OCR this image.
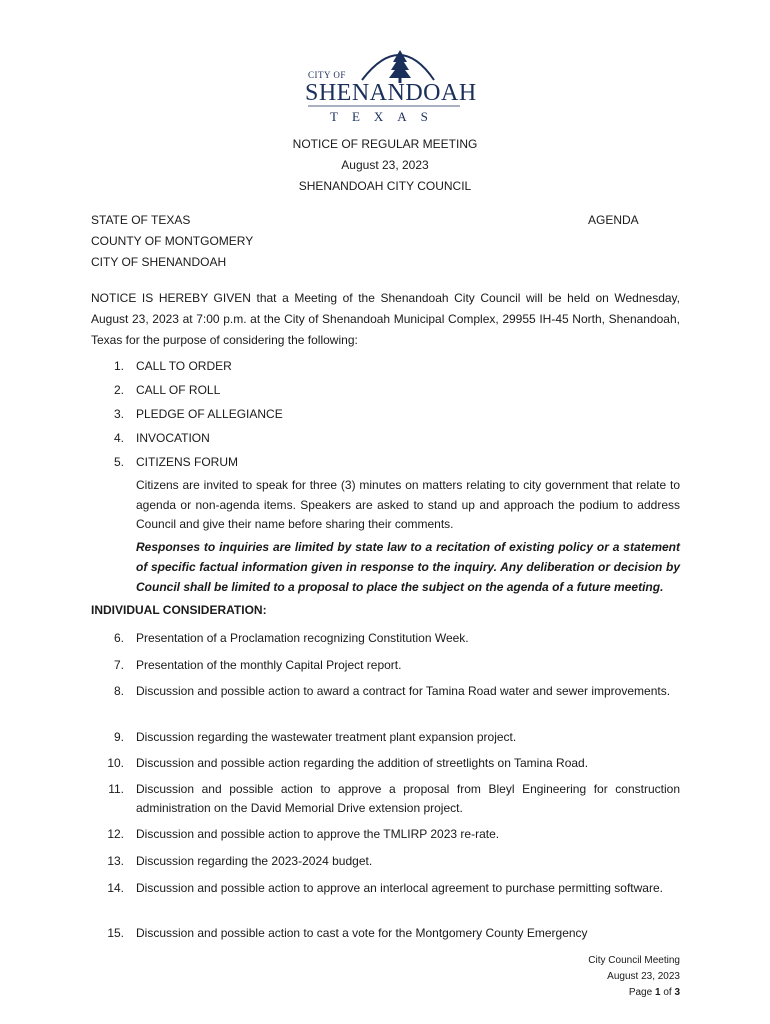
CITY OF
SHENANDOAH
TEXAS
NOTICE OF REGULAR MEETING
August 23, 2023
SHENANDOAH CITY COUNCIL
STATE OF TEXAS
COUNTY OF MONTGOMERY
CITY OF SHENANDOAH
AGENDA
NOTICE IS HEREBY GIVEN that a Meeting of the Shenandoah City Council will be held on Wednesday, August 23, 2023 at 7:00 p.m. at the City of Shenandoah Municipal Complex, 29955 IH-45 North, Shenandoah, Texas for the purpose of considering the following:
1. CALL TO ORDER
2. CALL OF ROLL
3. PLEDGE OF ALLEGIANCE
4. INVOCATION
5. CITIZENS FORUM
Citizens are invited to speak for three (3) minutes on matters relating to city government that relate to agenda or non-agenda items. Speakers are asked to stand up and approach the podium to address Council and give their name before sharing their comments.
Responses to inquiries are limited by state law to a recitation of existing policy or a statement of specific factual information given in response to the inquiry. Any deliberation or decision by Council shall be limited to a proposal to place the subject on the agenda of a future meeting.
INDIVIDUAL CONSIDERATION:
6. Presentation of a Proclamation recognizing Constitution Week.
7. Presentation of the monthly Capital Project report.
8. Discussion and possible action to award a contract for Tamina Road water and sewer improvements.
9. Discussion regarding the wastewater treatment plant expansion project.
10. Discussion and possible action regarding the addition of streetlights on Tamina Road.
11. Discussion and possible action to approve a proposal from Bleyl Engineering for construction administration on the David Memorial Drive extension project.
12. Discussion and possible action to approve the TMLIRP 2023 re-rate.
13. Discussion regarding the 2023-2024 budget.
14. Discussion and possible action to approve an interlocal agreement to purchase permitting software.
15. Discussion and possible action to cast a vote for the Montgomery County Emergency
City Council Meeting
August 23, 2023
Page 1 of 3
